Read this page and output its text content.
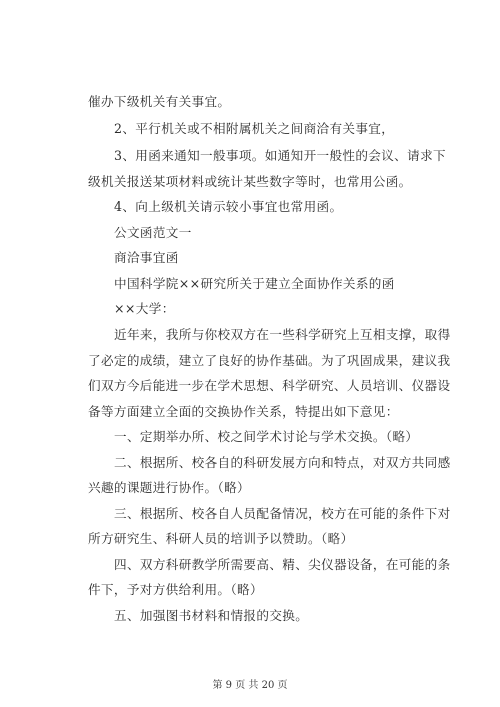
催办下级机关有关事宜。
2、平行机关或不相附属机关之间商洽有关事宜，
3、用函来通知一般事项。如通知开一般性的会议、请求下
级机关报送某项材料或统计某些数字等时，也常用公函。
4、向上级机关请示较小事宜也常用函。
公文函范文一
商洽事宜函
中国科学院××研究所关于建立全面协作关系的函
××大学：
近年来，我所与你校双方在一些科学研究上互相支撑，取得
了必定的成绩，建立了良好的协作基础。为了巩固成果，建议我
们双方今后能进一步在学术思想、科学研究、人员培训、仪器设
备等方面建立全面的交换协作关系，特提出如下意见：
一、定期举办所、校之间学术讨论与学术交换。（略）
二、根据所、校各自的科研发展方向和特点，对双方共同感
兴趣的课题进行协作。（略）
三、根据所、校各自人员配备情况，校方在可能的条件下对
所方研究生、科研人员的培训予以赞助。（略）
四、双方科研教学所需要高、精、尖仪器设备，在可能的条
件下，予对方供给利用。（略）
五、加强图书材料和情报的交换。
第 9 页 共 20 页
